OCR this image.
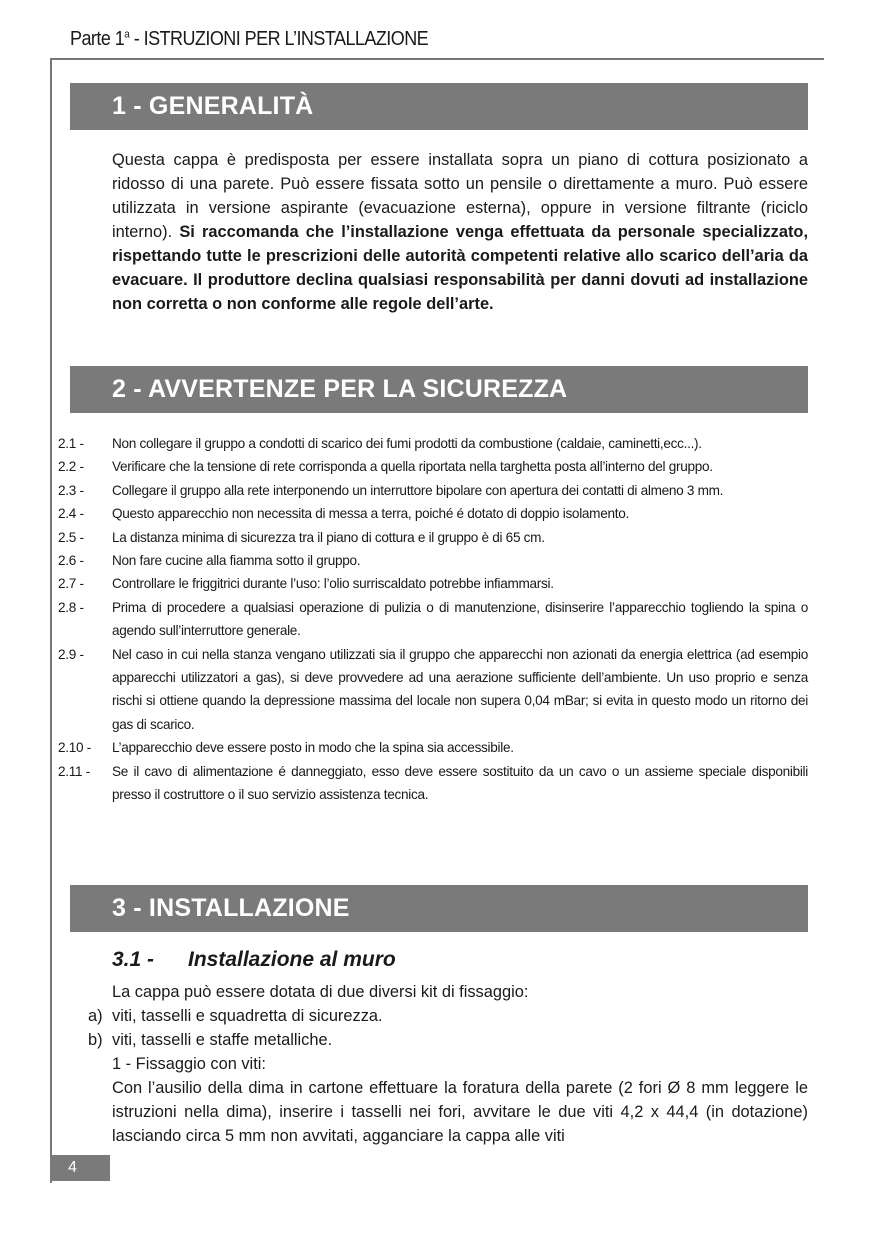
Parte 1$^a$ - ISTRUZIONI PER L’INSTALLAZIONE
1 - GENERALITÀ
Questa cappa è predisposta per essere installata sopra un piano di cottura posizionato a ridosso di una parete. Può essere fissata sotto un pensile o direttamente a muro. Può essere utilizzata in versione aspirante (evacuazione esterna), oppure in versione filtrante (riciclo interno). Si raccomanda che l’installazione venga effettuata da personale specializzato, rispettando tutte le prescrizioni delle autorità competenti relative allo scarico dell’aria da evacuare. Il produttore declina qualsiasi responsabilità per danni dovuti ad installazione non corretta o non conforme alle regole dell’arte.
2 - AVVERTENZE PER LA SICUREZZA
2.1 -	Non collegare il gruppo a condotti di scarico dei fumi prodotti da combustione (caldaie, caminetti,ecc...).
2.2 -	Verificare che la tensione di rete corrisponda a quella riportata nella targhetta posta all’interno del gruppo.
2.3 -	Collegare il gruppo alla rete interponendo un interruttore bipolare con apertura dei contatti di almeno 3 mm.
2.4 -	Questo apparecchio non necessita di messa a terra, poiché é dotato di doppio isolamento.
2.5 -	La distanza minima di sicurezza tra il piano di cottura e il gruppo è di 65 cm.
2.6 -	Non fare cucine alla fiamma sotto il gruppo.
2.7 -	Controllare le friggitrici durante l’uso: l’olio surriscaldato potrebbe infiammarsi.
2.8 -	Prima di procedere a qualsiasi operazione di pulizia o di manutenzione, disinserire l’apparecchio togliendo la spina o agendo sull’interruttore generale.
2.9 -	Nel caso in cui nella stanza vengano utilizzati sia il gruppo che apparecchi non azionati da energia elettrica (ad esempio apparecchi utilizzatori a gas), si deve provvedere ad una aerazione sufficiente dell’ambiente. Un uso proprio e senza rischi si ottiene quando la depressione massima del locale non supera 0,04 mBar; si evita in questo modo un ritorno dei gas di scarico.
2.10 -	L’apparecchio deve essere posto in modo che la spina sia accessibile.
2.11 -	Se il cavo di alimentazione é danneggiato, esso deve essere sostituito da un cavo o un assieme speciale disponibili presso il costruttore o il suo servizio assistenza tecnica.
3 - INSTALLAZIONE
3.1 - Installazione al muro
La cappa può essere dotata di due diversi kit di fissaggio:
a) viti, tasselli e squadretta di sicurezza.
b) viti, tasselli e staffe metalliche.
1 - Fissaggio con viti:
Con l’ausilio della dima in cartone effettuare la foratura della parete (2 fori Ø 8 mm leggere le istruzioni nella dima), inserire i tasselli nei fori, avvitare le due viti 4,2 x 44,4 (in dotazione) lasciando circa 5 mm non avvitati, agganciare la cappa alle viti
4
